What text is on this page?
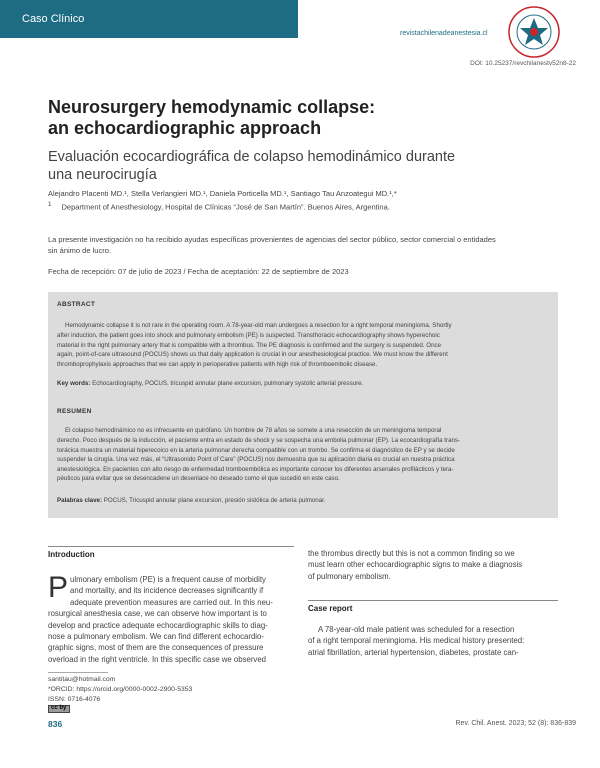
Caso Clínico
revistachilenadeanestesia.cl
DOI: 10.25237/revchilanestv52n8-22
Neurosurgery hemodynamic collapse:
an echocardiographic approach
Evaluación ecocardiográfica de colapso hemodinámico durante
una neurocirugía
Alejandro Placenti MD.¹, Stella Verlangieri MD.¹, Daniela Porticella MD.¹, Santiago Tau Anzoategui MD.¹,*
$^1$ Department of Anesthesiology, Hospital de Clínicas “José de San Martín”. Buenos Aires, Argentina.
La presente investigación no ha recibido ayudas específicas provenientes de agencias del sector público, sector comercial o entidades
sin ánimo de lucro.
Fecha de recepción: 07 de julio de 2023 / Fecha de aceptación: 22 de septiembre de 2023
ABSTRACT
Hemodynamic collapse it is not rare in the operating room. A 78-year-old man undergoes a resection for a right temporal meningioma. Shortly
after induction, the patient goes into shock and pulmonary embolism (PE) is suspected. Transthoracic echocardiography shows hyperechoic
material in the right pulmonary artery that is compatible with a thrombus. The PE diagnosis is confirmed and the surgery is suspended. Once
again, point-of-care ultrasound (POCUS) shows us that daily application is crucial in our anesthesiological practice. We must know the different
thromboprophylaxis approaches that we can apply in perioperative patients with high risk of thromboembolic disease.
Key words: Echocardiography, POCUS, tricuspid annular plane excursion, pulmonary systolic arterial pressure.
RESUMEN
El colapso hemodinámico no es infrecuente en quirófano. Un hombre de 78 años se somete a una resección de un meningioma temporal
derecho. Poco después de la inducción, el paciente entra en estado de shock y se sospecha una embolia pulmonar (EP). La ecocardiografía trans-
torácica muestra un material hiperecoico en la arteria pulmonar derecha compatible con un trombo. Se confirma el diagnóstico de EP y se decide
suspender la cirugía. Una vez más, el “Ultrasonido Point of Care” (POCUS) nos demuestra que su aplicación diaria es crucial en nuestra práctica
anestesiológica. En pacientes con alto riesgo de enfermedad tromboembólica es importante conocer los diferentes arsenales profilácticos y tera-
péuticos para evitar que se desencadene un desenlace no deseado como el que sucedió en este caso.
Palabras clave: POCUS, Tricuspid annular plane excursion, presión sistólica de arteria pulmonar.
Introduction
P ulmonary embolism (PE) is a frequent cause of morbidity
and mortality, and its incidence decreases significantly if
adequate prevention measures are carried out. In this neu-
rosurgical anesthesia case, we can observe how important is to
develop and practice adequate echocardiographic skills to diag-
nose a pulmonary embolism. We can find different echocardio-
graphic signs, most of them are the consequences of pressure
overload in the right ventricle. In this specific case we observed
the thrombus directly but this is not a common finding so we
must learn other echocardiographic signs to make a diagnosis
of pulmonary embolism.
Case report
A 78-year-old male patient was scheduled for a resection
of a right temporal meningioma. His medical history presented:
atrial fibrillation, arterial hypertension, diabetes, prostate can-
santitau@hotmail.com
*ORCID: https://orcid.org/0000-0002-2900-5353
ISSN: 0716-4076
cc by
836	Rev. Chil. Anest. 2023; 52 (8): 836-839
